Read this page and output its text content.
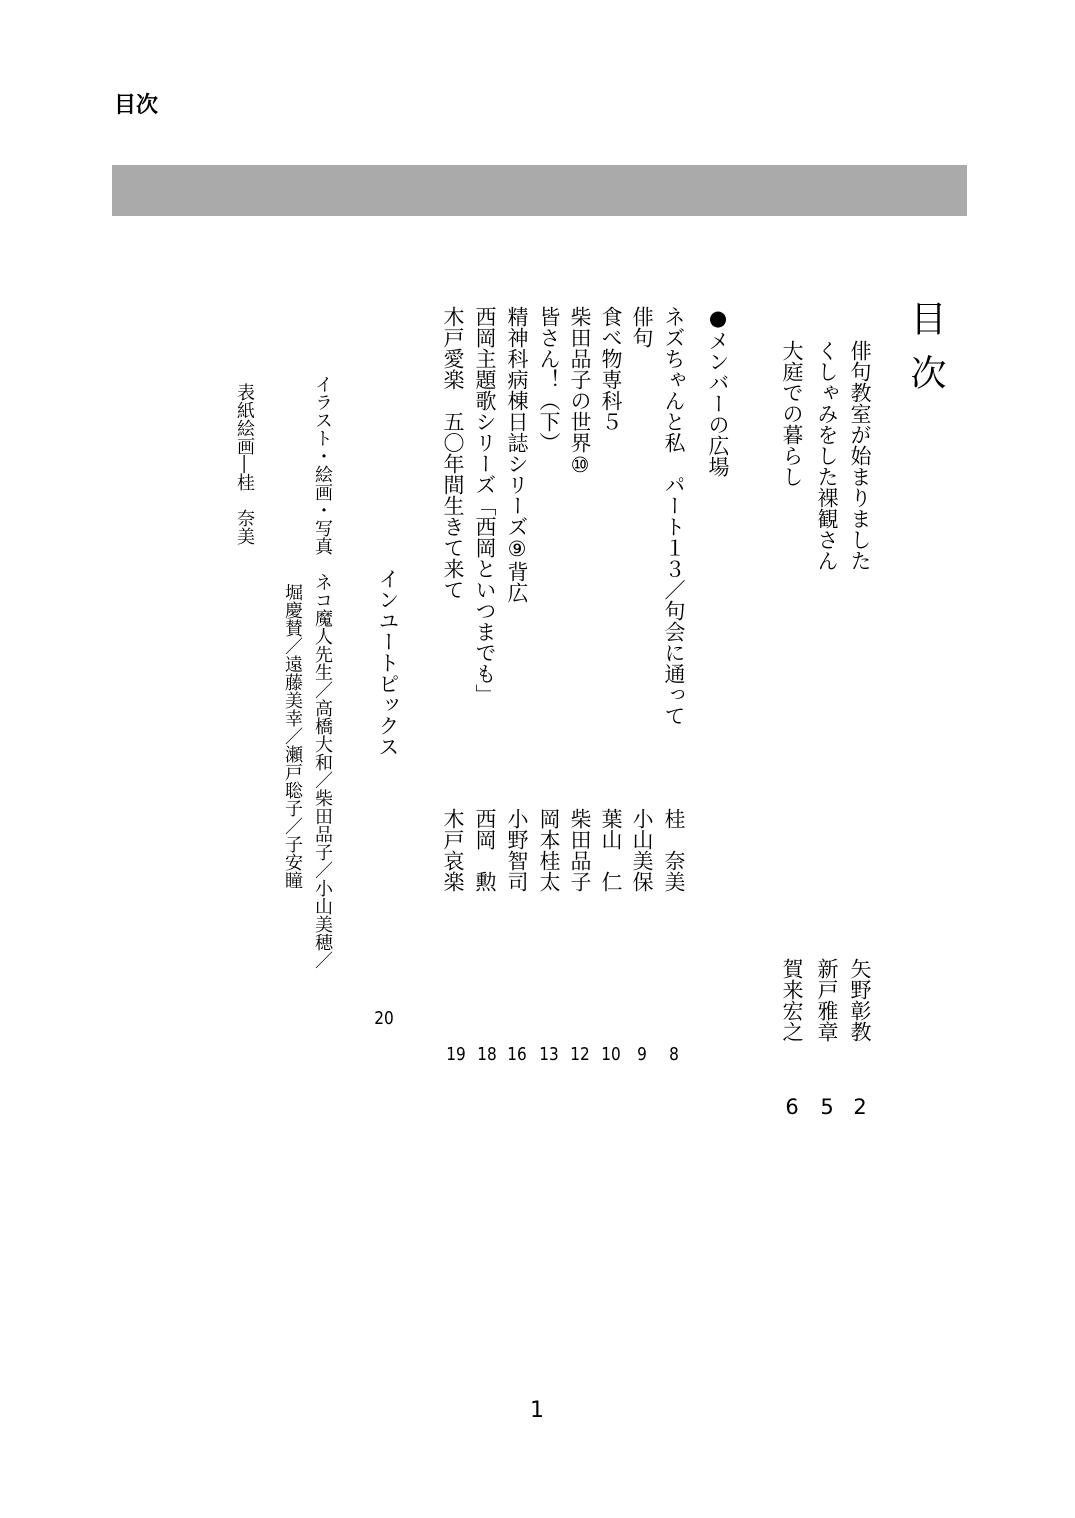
目次
目次
俳句教室が始まりました
矢野彰教
2
くしゃみをした裸観さん
新戸雅章
5
大庭での暮らし
賀来宏之
6
●メンバーの広場
ネズちゃんと私　パート１３／句会に通って
桂　奈美
8
俳句
小山美保
9
食べ物専科５
葉山　仁
10
柴田品子の世界⑩
柴田品子
12
皆さん！（下）
岡本桂太
13
精神科病棟日誌シリーズ⑨背広
小野智司
16
西岡主題歌シリーズ「西岡といつまでも」
西岡　勲
18
木戸愛楽　五〇年間生きて来て
木戸哀楽
19
インユートピックス
20
イラスト・絵画・写真　ネコ魔人先生／高橋大和／柴田品子／小山美穂／
堀慶賛／遠藤美幸／瀬戸聡子／子安瞳
表紙絵画―桂　奈美
1
